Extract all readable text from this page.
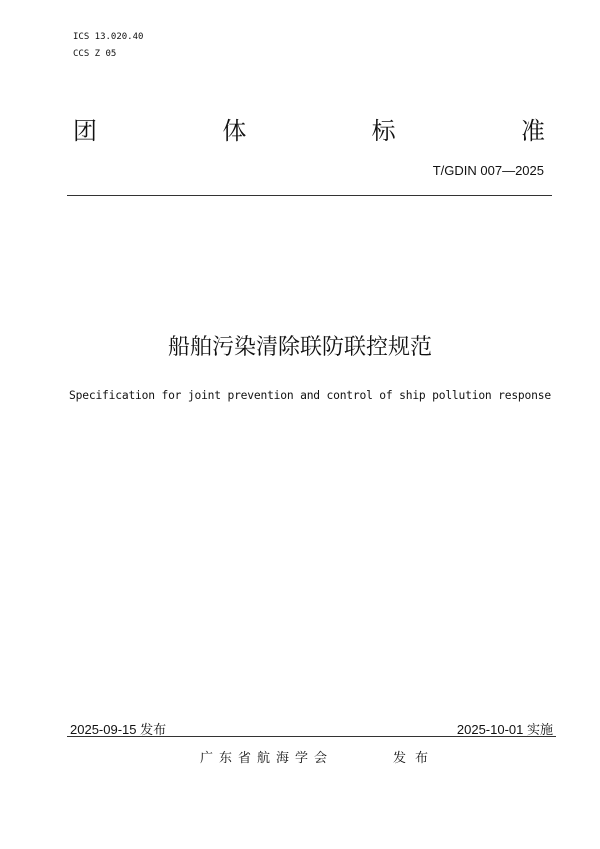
ICS 13.020.40
CCS Z 05
团	体	标	准
T/GDIN 007—2025
船舶污染清除联防联控规范
Specification for joint prevention and control of ship pollution response
2025-09-15 发布	2025-10-01 实施
广东省航海学会	发布
